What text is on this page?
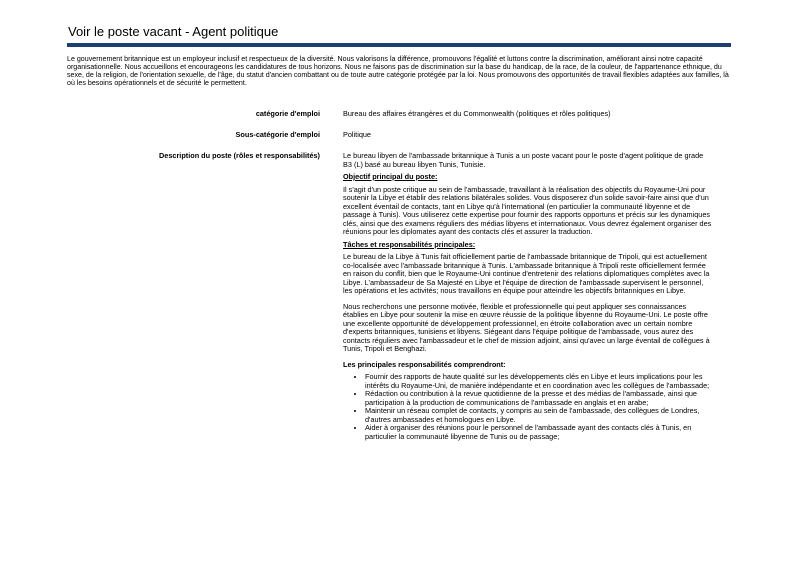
Voir le poste vacant - Agent politique

Le gouvernement britannique est un employeur inclusif et respectueux de la diversité. Nous valorisons la différence, promouvons l'égalité et luttons contre la discrimination, améliorant ainsi notre capacité organisationnelle. Nous accueillons et encourageons les candidatures de tous horizons. Nous ne faisons pas de discrimination sur la base du handicap, de la race, de la couleur, de l'appartenance ethnique, du sexe, de la religion, de l'orientation sexuelle, de l'âge, du statut d'ancien combattant ou de toute autre catégorie protégée par la loi. Nous promouvons des opportunités de travail flexibles adaptées aux familles, là où les besoins opérationnels et de sécurité le permettent.

catégorie d'emploi	Bureau des affaires étrangères et du Commonwealth (politiques et rôles politiques)
Sous-catégorie d'emploi	Politique
Description du poste (rôles et responsabilités)	Le bureau libyen de l'ambassade britannique à Tunis a un poste vacant pour le poste d'agent politique de grade B3 (L) basé au bureau libyen Tunis, Tunisie.

Objectif principal du poste:

Il s'agit d'un poste critique au sein de l'ambassade, travaillant à la réalisation des objectifs du Royaume-Uni pour soutenir la Libye et établir des relations bilatérales solides. Vous disposerez d'un solide savoir-faire ainsi que d'un excellent éventail de contacts, tant en Libye qu'à l'international (en particulier la communauté libyenne et de passage à Tunis). Vous utiliserez cette expertise pour fournir des rapports opportuns et précis sur les dynamiques clés, ainsi que des examens réguliers des médias libyens et internationaux. Vous devrez également organiser des réunions pour les diplomates ayant des contacts clés et assurer la traduction.

Tâches et responsabilités principales:

Le bureau de la Libye à Tunis fait officiellement partie de l'ambassade britannique de Tripoli, qui est actuellement co-localisée avec l'ambassade britannique à Tunis. L'ambassade britannique à Tripoli reste officiellement fermée en raison du conflit, bien que le Royaume-Uni continue d'entretenir des relations diplomatiques complètes avec la Libye. L'ambassadeur de Sa Majesté en Libye et l'équipe de direction de l'ambassade supervisent le personnel, les opérations et les activités; nous travaillons en équipe pour atteindre les objectifs britanniques en Libye.

Nous recherchons une personne motivée, flexible et professionnelle qui peut appliquer ses connaissances établies en Libye pour soutenir la mise en œuvre réussie de la politique libyenne du Royaume-Uni. Le poste offre une excellente opportunité de développement professionnel, en étroite collaboration avec un certain nombre d'experts britanniques, tunisiens et libyens. Siégeant dans l'équipe politique de l'ambassade, vous aurez des contacts réguliers avec l'ambassadeur et le chef de mission adjoint, ainsi qu'avec un large éventail de collègues à Tunis, Tripoli et Benghazi.

Les principales responsabilités comprendront:
• Fournir des rapports de haute qualité sur les développements clés en Libye et leurs implications pour les intérêts du Royaume-Uni, de manière indépendante et en coordination avec les collègues de l'ambassade;
• Rédaction ou contribution à la revue quotidienne de la presse et des médias de l'ambassade, ainsi que participation à la production de communications de l'ambassade en anglais et en arabe;
• Maintenir un réseau complet de contacts, y compris au sein de l'ambassade, des collègues de Londres, d'autres ambassades et homologues en Libye.
• Aider à organiser des réunions pour le personnel de l'ambassade ayant des contacts clés à Tunis, en particulier la communauté libyenne de Tunis ou de passage;
